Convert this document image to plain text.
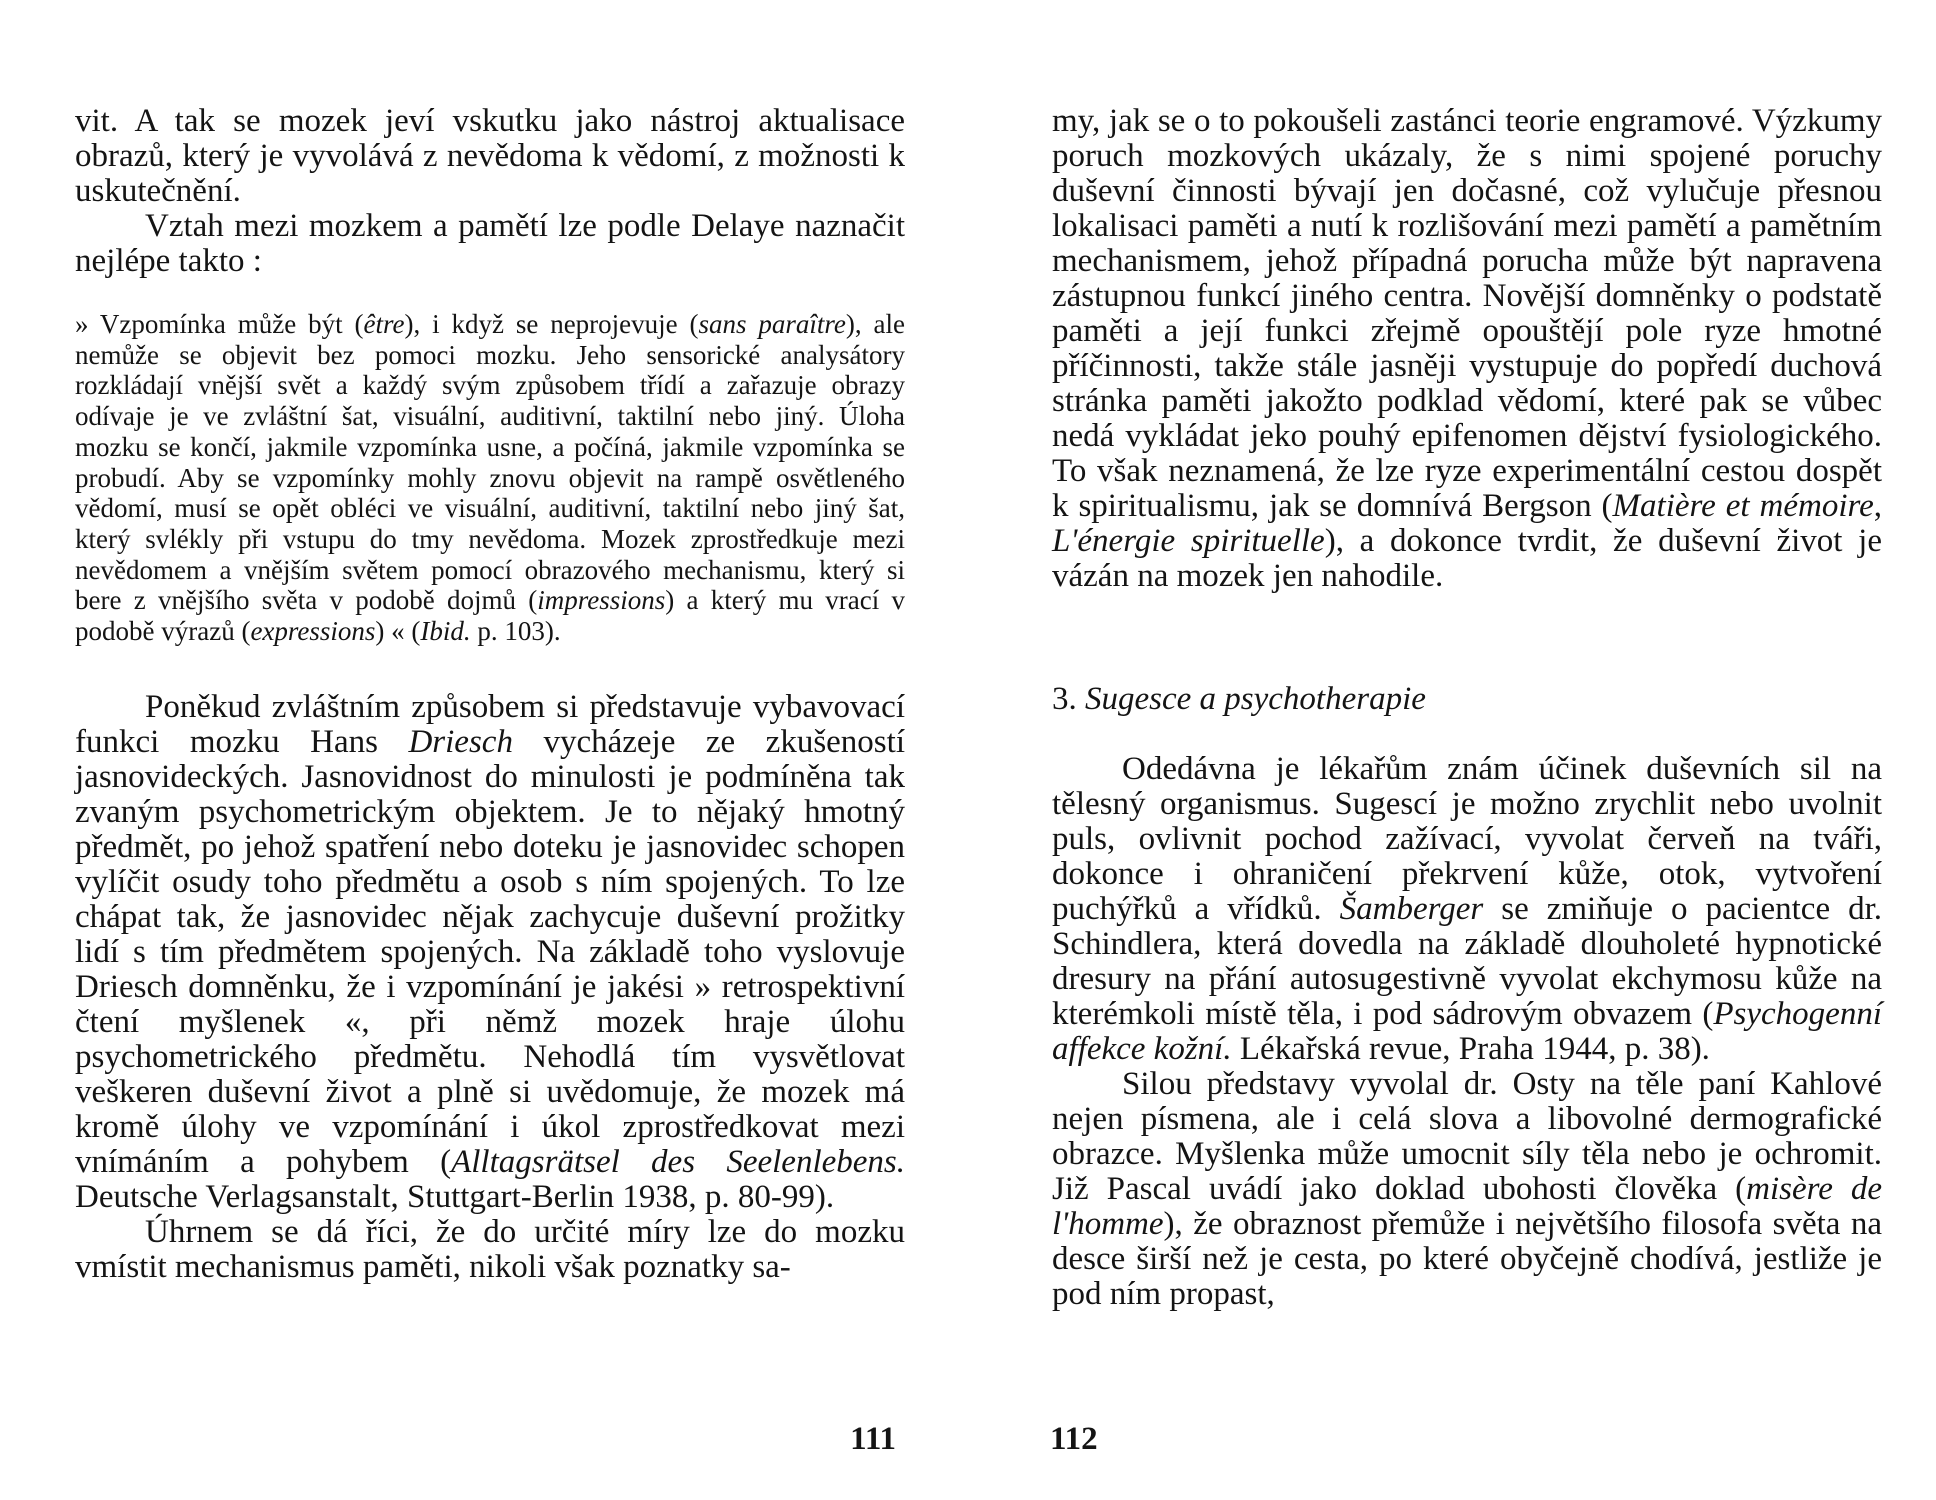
vit. A tak se mozek jeví vskutku jako nástroj aktualisace obrazů, který je vyvolává z nevědoma k vědomí, z možnosti k uskutečnění.

Vztah mezi mozkem a pamětí lze podle Delaye naznačit nejlépe takto :

» Vzpomínka může být (être), i když se neprojevuje (sans paraître), ale nemůže se objevit bez pomoci mozku. Jeho sensorické analysátory rozkládají vnější svět a každý svým způsobem třídí a zařazuje obrazy odívaje je ve zvláštní šat, visuální, auditivní, taktilní nebo jiný. Úloha mozku se končí, jakmile vzpomínka usne, a počíná, jakmile vzpomínka se probudí. Aby se vzpomínky mohly znovu objevit na rampě osvětleného vědomí, musí se opět obléci ve visuální, auditivní, taktilní nebo jiný šat, který svlékly při vstupu do tmy nevědoma. Mozek zprostředkuje mezi nevědomem a vnějším světem pomocí obrazového mechanismu, který si bere z vnějšího světa v podobě dojmů (impressions) a který mu vrací v podobě výrazů (expressions) « (Ibid. p. 103).

Poněkud zvláštním způsobem si představuje vybavovací funkci mozku Hans Driesch vycházeje ze zkušeností jasnovideckých. Jasnovidnost do minulosti je podmíněna tak zvaným psychometrickým objektem. Je to nějaký hmotný předmět, po jehož spatření nebo doteku je jasnovidec schopen vylíčit osudy toho předmětu a osob s ním spojených. To lze chápat tak, že jasnovidec nějak zachycuje duševní prožitky lidí s tím předmětem spojených. Na základě toho vyslovuje Driesch domněnku, že i vzpomínání je jakési » retrospektivní čtení myšlenek «, při němž mozek hraje úlohu psychometrického předmětu. Nehodlá tím vysvětlovat veškeren duševní život a plně si uvědomuje, že mozek má kromě úlohy ve vzpomínání i úkol zprostředkovat mezi vnímáním a pohybem (Alltagsrätsel des Seelenlebens. Deutsche Verlagsanstalt, Stuttgart-Berlin 1938, p. 80-99).

Úhrnem se dá říci, že do určité míry lze do mozku vmístit mechanismus paměti, nikoli však poznatky sa-

111

my, jak se o to pokoušeli zastánci teorie engramové. Výzkumy poruch mozkových ukázaly, že s nimi spojené poruchy duševní činnosti bývají jen dočasné, což vylučuje přesnou lokalisaci paměti a nutí k rozlišování mezi pamětí a pamětním mechanismem, jehož případná porucha může být napravena zástupnou funkcí jiného centra. Novější domněnky o podstatě paměti a její funkci zřejmě opouštějí pole ryze hmotné příčinnosti, takže stále jasněji vystupuje do popředí duchová stránka paměti jakožto podklad vědomí, které pak se vůbec nedá vykládat jeko pouhý epifenomen dějství fysiologického. To však neznamená, že lze ryze experimentální cestou dospět k spiritualismu, jak se domnívá Bergson (Matière et mémoire, L'énergie spirituelle), a dokonce tvrdit, že duševní život je vázán na mozek jen nahodile.

3. Sugesce a psychotherapie

Odedávna je lékařům znám účinek duševních sil na tělesný organismus. Sugescí je možno zrychlit nebo uvolnit puls, ovlivnit pochod zažívací, vyvolat červeň na tváři, dokonce i ohraničení překrvení kůže, otok, vytvoření puchýřků a vřídků. Šamberger se zmiňuje o pacientce dr. Schindlera, která dovedla na základě dlouholeté hypnotické dresury na přání autosugestivně vyvolat ekchymosu kůže na kterémkoli místě těla, i pod sádrovým obvazem (Psychogenní affekce kožní. Lékařská revue, Praha 1944, p. 38).

Silou představy vyvolal dr. Osty na těle paní Kahlové nejen písmena, ale i celá slova a libovolné dermografické obrazce. Myšlenka může umocnit síly těla nebo je ochromit. Již Pascal uvádí jako doklad ubohosti člověka (misère de l'homme), že obraznost přemůže i největšího filosofa světa na desce širší než je cesta, po které obyčejně chodívá, jestliže je pod ním propast,

112
